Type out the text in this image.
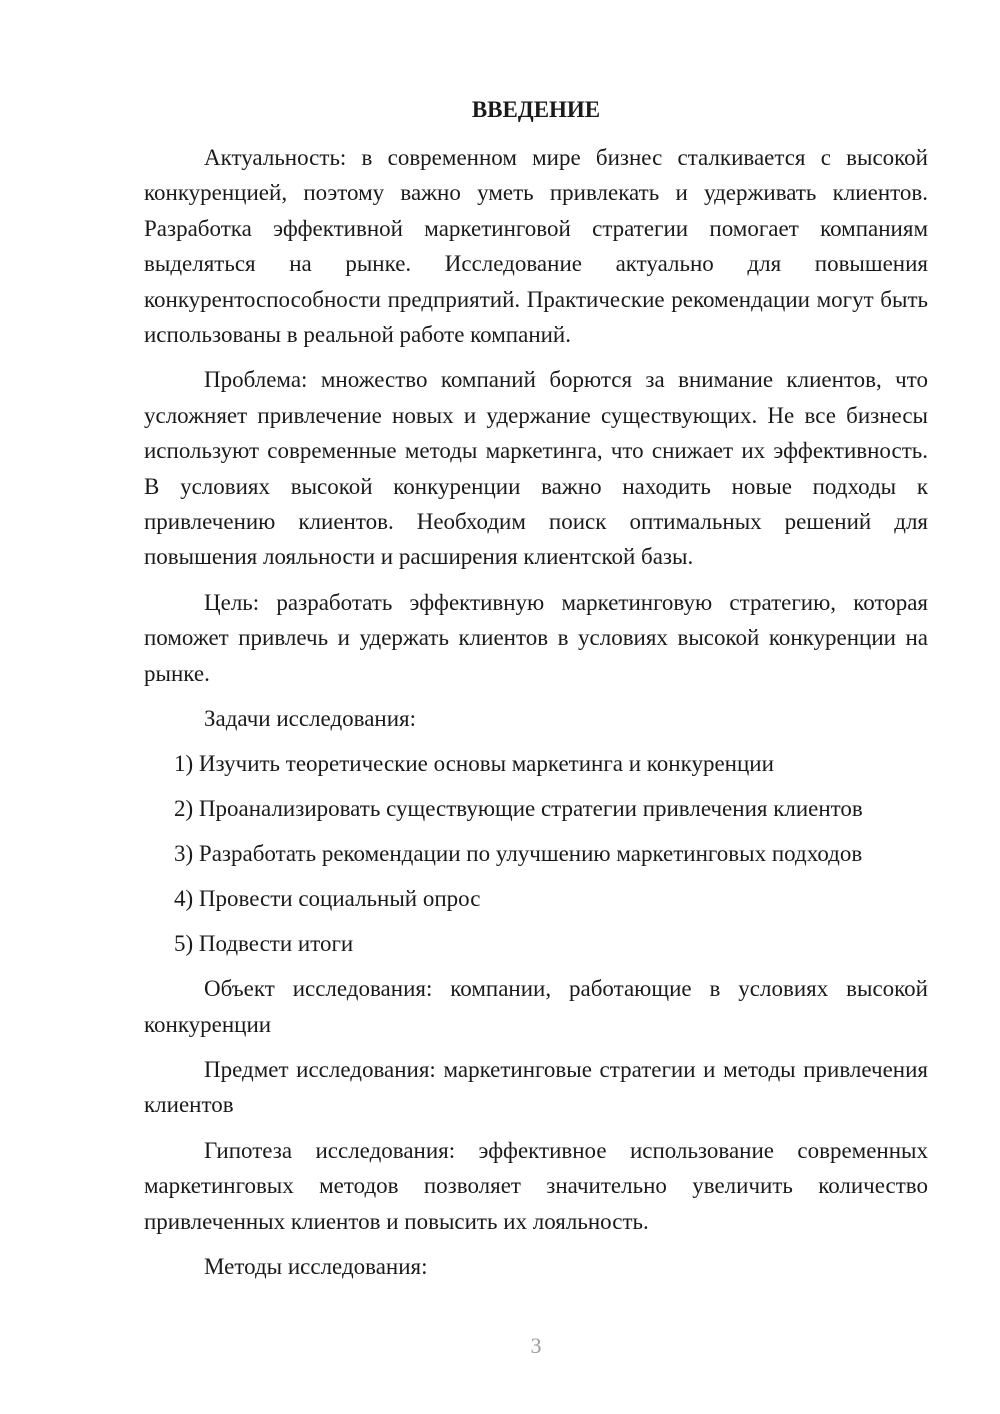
ВВЕДЕНИЕ

Актуальность: в современном мире бизнес сталкивается с высокой конкуренцией, поэтому важно уметь привлекать и удерживать клиентов. Разработка эффективной маркетинговой стратегии помогает компаниям выделяться на рынке. Исследование актуально для повышения конкурентоспособности предприятий. Практические рекомендации могут быть использованы в реальной работе компаний.

Проблема: множество компаний борются за внимание клиентов, что усложняет привлечение новых и удержание существующих. Не все бизнесы используют современные методы маркетинга, что снижает их эффективность. В условиях высокой конкуренции важно находить новые подходы к привлечению клиентов. Необходим поиск оптимальных решений для повышения лояльности и расширения клиентской базы.

Цель: разработать эффективную маркетинговую стратегию, которая поможет привлечь и удержать клиентов в условиях высокой конкуренции на рынке.

Задачи исследования:

1) Изучить теоретические основы маркетинга и конкуренции

2) Проанализировать существующие стратегии привлечения клиентов

3) Разработать рекомендации по улучшению маркетинговых подходов

4) Провести социальный опрос

5) Подвести итоги

Объект исследования: компании, работающие в условиях высокой конкуренции

Предмет исследования: маркетинговые стратегии и методы привлечения клиентов

Гипотеза исследования: эффективное использование современных маркетинговых методов позволяет значительно увеличить количество привлеченных клиентов и повысить их лояльность.

Методы исследования:

3
